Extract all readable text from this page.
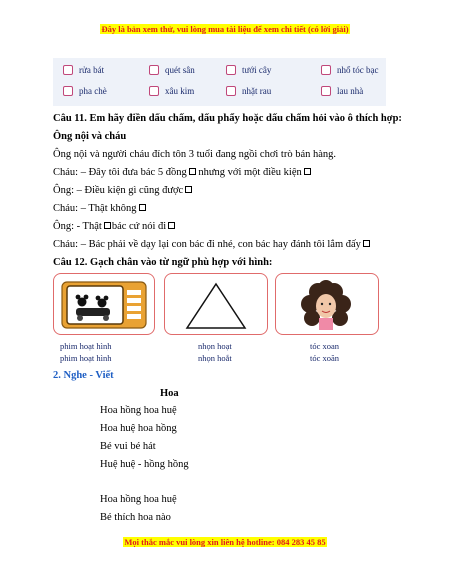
Đây là bản xem thử, vui lòng mua tài liệu để xem chi tiết (có lời giải)
rửa bát	quét sân	tưới cây	nhổ tóc bạc
pha chè	xâu kim	nhặt rau	lau nhà
Câu 11. Em hãy điền dấu chấm, dấu phẩy hoặc dấu chấm hỏi vào ô thích hợp:
Ông nội và cháu
Ông nội và người cháu đích tôn 3 tuổi đang ngồi chơi trò bán hàng.
Cháu: – Đây tôi đưa bác 5 đồng nhưng với một điều kiện
Ông: – Điều kiện gì cũng được
Cháu: – Thật không
Ông: - Thật bác cứ nói đi
Cháu: – Bác phải về dạy lại con bác đi nhé, con bác hay đánh tôi lắm đấy
Câu 12. Gạch chân vào từ ngữ phù hợp với hình:
phim hoạt hình
phim hoạt hình
nhọn hoạt
nhọn hoắt
tóc xoan
tóc xoăn
2. Nghe - Viết
Hoa
Hoa hồng hoa huệ
Hoa huệ hoa hồng
Bé vui bé hát
Huệ huệ - hồng hồng
Hoa hồng hoa huệ
Bé thích hoa nào
Mọi thắc mắc vui lòng xin liên hệ hotline: 084 283 45 85
